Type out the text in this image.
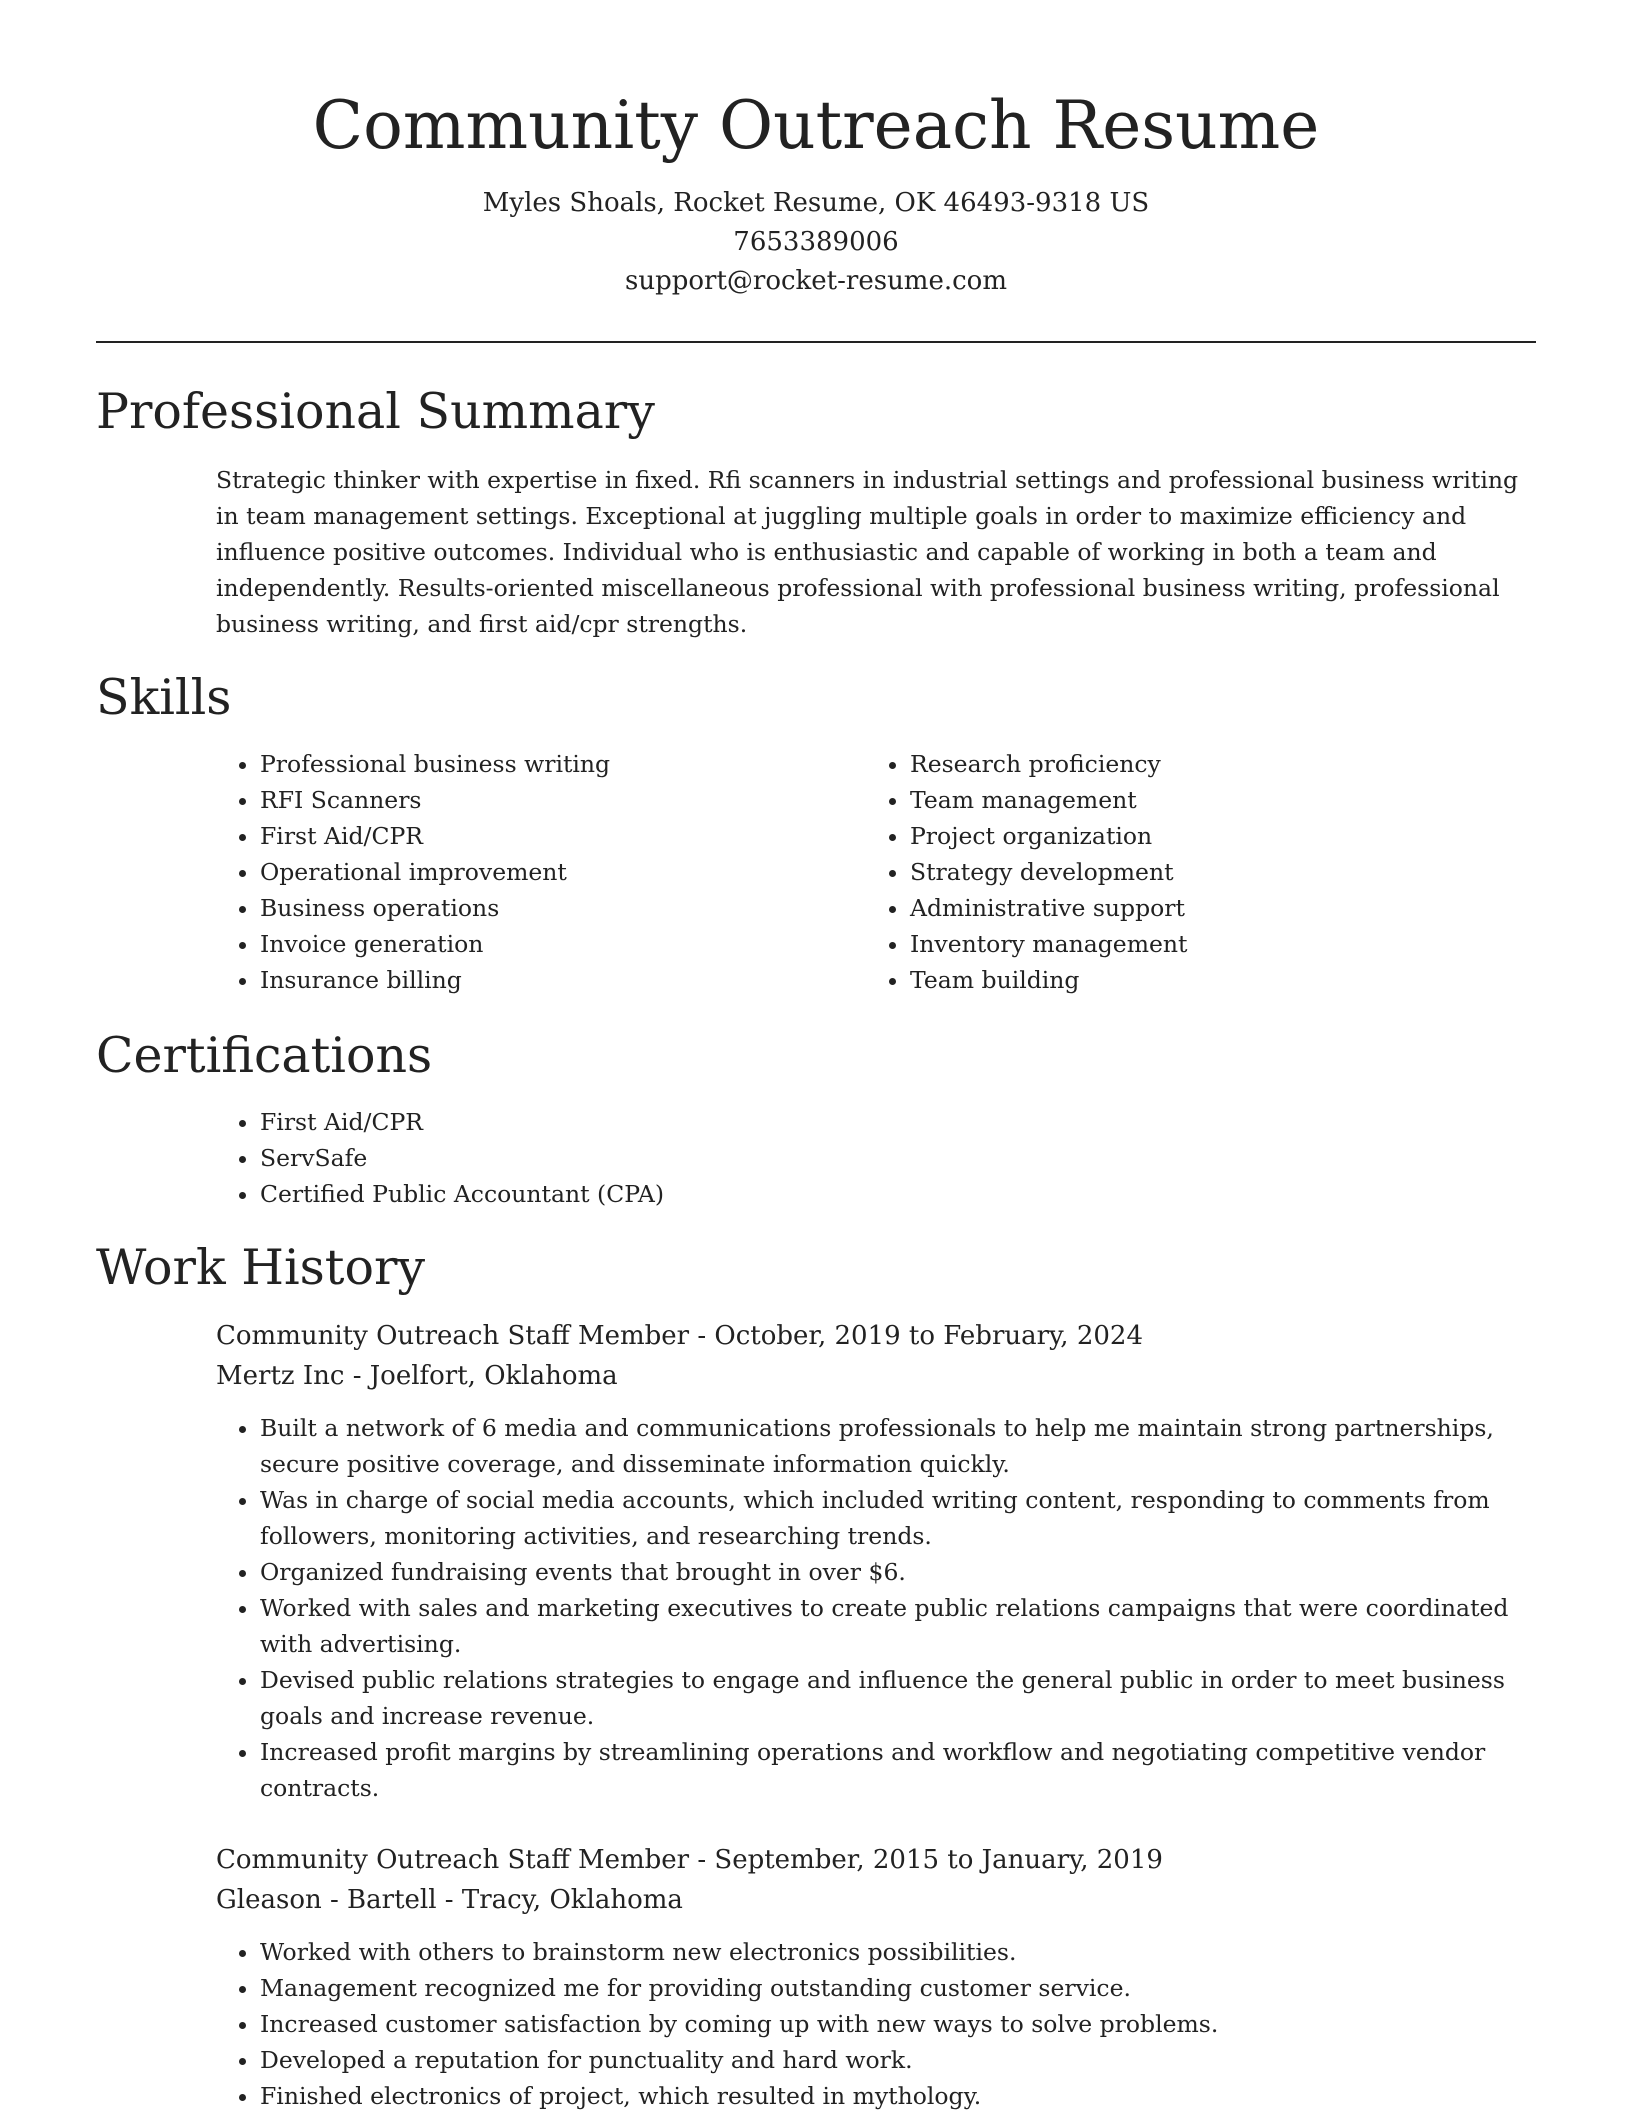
Community Outreach Resume
Myles Shoals, Rocket Resume, OK 46493-9318 US
7653389006
support@rocket-resume.com
Professional Summary

Strategic thinker with expertise in fixed. Rfi scanners in industrial settings and professional business writing in team management settings. Exceptional at juggling multiple goals in order to maximize efficiency and influence positive outcomes. Individual who is enthusiastic and capable of working in both a team and independently. Results-oriented miscellaneous professional with professional business writing, professional business writing, and first aid/cpr strengths.

Skills
• Professional business writing
• RFI Scanners
• First Aid/CPR
• Operational improvement
• Business operations
• Invoice generation
• Insurance billing
• Research proficiency
• Team management
• Project organization
• Strategy development
• Administrative support
• Inventory management
• Team building
Certifications
• First Aid/CPR
• ServSafe
• Certified Public Accountant (CPA)
Work History
Community Outreach Staff Member - October, 2019 to February, 2024
Mertz Inc - Joelfort, Oklahoma
• Built a network of 6 media and communications professionals to help me maintain strong partnerships, secure positive coverage, and disseminate information quickly.
• Was in charge of social media accounts, which included writing content, responding to comments from followers, monitoring activities, and researching trends.
• Organized fundraising events that brought in over $6.
• Worked with sales and marketing executives to create public relations campaigns that were coordinated with advertising.
• Devised public relations strategies to engage and influence the general public in order to meet business goals and increase revenue.
• Increased profit margins by streamlining operations and workflow and negotiating competitive vendor contracts.
Community Outreach Staff Member - September, 2015 to January, 2019
Gleason - Bartell - Tracy, Oklahoma
• Worked with others to brainstorm new electronics possibilities.
• Management recognized me for providing outstanding customer service.
• Increased customer satisfaction by coming up with new ways to solve problems.
• Developed a reputation for punctuality and hard work.
• Finished electronics of project, which resulted in mythology.
